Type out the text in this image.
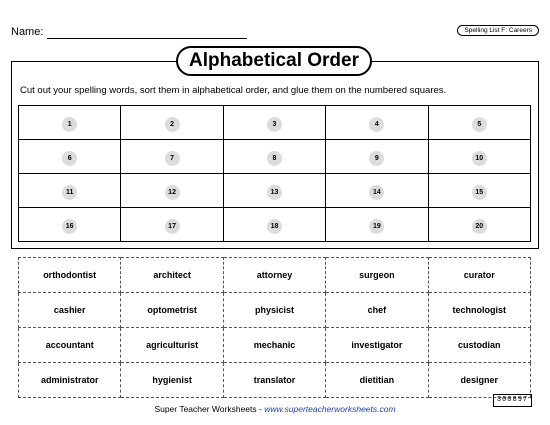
Name:	Spelling List F: Careers
Alphabetical Order
Cut out your spelling words, sort them in alphabetical order, and glue them on the numbered squares.
1	2	3	4	5
6	7	8	9	10
11	12	13	14	15
16	17	18	19	20
orthodontist	architect	attorney	surgeon	curator
cashier	optometrist	physicist	chef	technologist
accountant	agriculturist	mechanic	investigator	custodian
administrator	hygienist	translator	dietitian	designer
300897
Super Teacher Worksheets - www.superteacherworksheets.com
